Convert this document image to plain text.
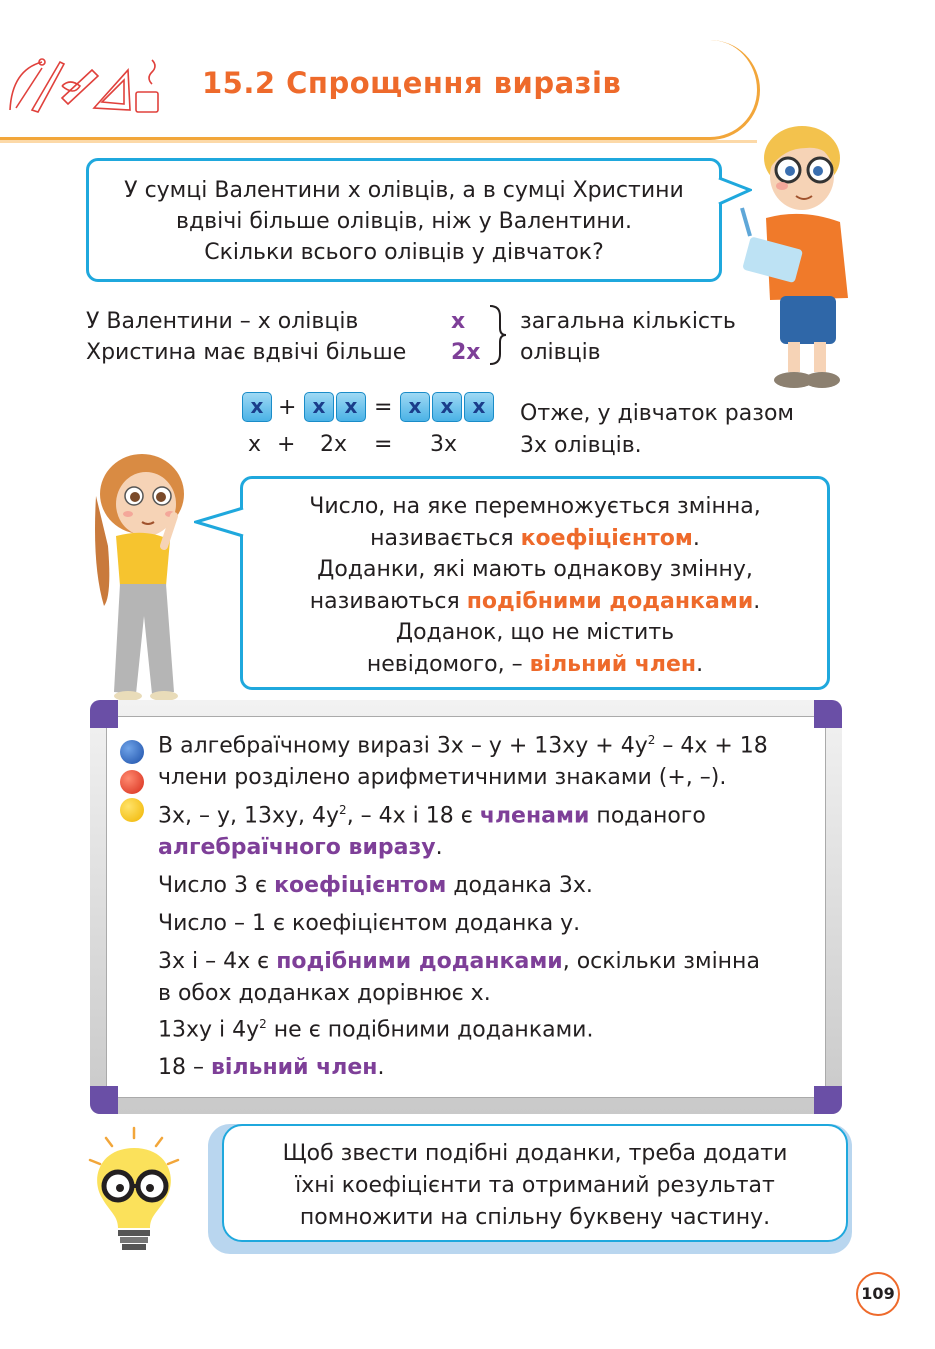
15.2 Спрощення виразів
У сумці Валентини х олівців, а в сумці Христини
вдвічі більше олівців, ніж у Валентини.
Скільки всього олівців у дівчаток?
У Валентини – х олівців
Христина має вдвічі більше
x
2x
загальна кількість
олівців
x + x x = x x x
x + 2x = 3x
Отже, у дівчаток разом
3х олівців.
Число, на яке перемножується змінна,
називається коефіцієнтом.
Доданки, які мають однакову змінну,
називаються подібними доданками.
Доданок, що не містить
невідомого, – вільний член.

В алгебраїчному виразі $3х - у + 13ху + 4у^2 - 4х + 18$

члени розділено арифметичними знаками (+, –).

3х, – у, 13ху, $4у^2$, – 4х і 18 є членами поданого

алгебраїчного виразу.

Число 3 є коефіцієнтом доданка 3х.

Число – 1 є коефіцієнтом доданка у.

3х і – 4х є подібними доданками, оскільки змінна

в обох доданках дорівнює х.

13ху і $4у^2$ не є подібними доданками.

18 – вільний член.

Щоб звести подібні доданки, треба додати
їхні коефіцієнти та отриманий результат
помножити на спільну буквену частину.
109
